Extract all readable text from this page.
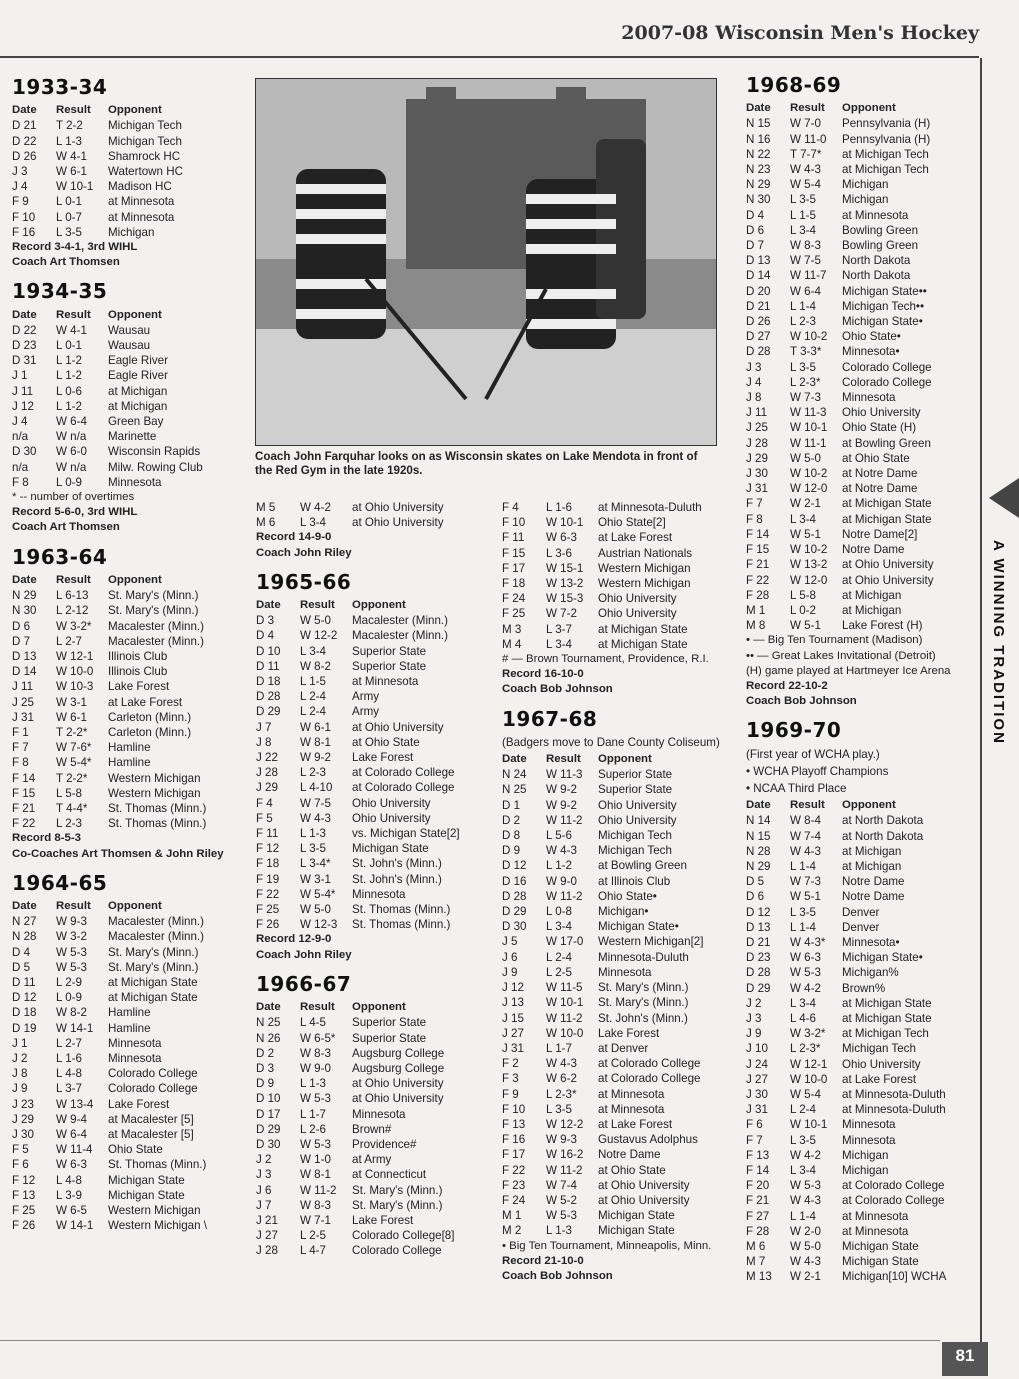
2007-08 Wisconsin Men's Hockey
1933-34
Date	Result	Opponent
D 21	T 2-2	Michigan Tech
D 22	L 1-3	Michigan Tech
D 26	W 4-1	Shamrock HC
J 3	W 6-1	Watertown HC
J 4	W 10-1	Madison HC
F 9	L 0-1	at Minnesota
F 10	L 0-7	at Minnesota
F 16	L 3-5	Michigan
Record 3-4-1, 3rd WIHL
Coach Art Thomsen
1934-35
Date	Result	Opponent
D 22	W 4-1	Wausau
D 23	L 0-1	Wausau
D 31	L 1-2	Eagle River
J 1	L 1-2	Eagle River
J 11	L 0-6	at Michigan
J 12	L 1-2	at Michigan
J 4	W 6-4	Green Bay
n/a	W n/a	Marinette
D 30	W 6-0	Wisconsin Rapids
n/a	W n/a	Milw. Rowing Club
F 8	L 0-9	Minnesota
* -- number of overtimes
Record 5-6-0, 3rd WIHL
Coach Art Thomsen
1963-64
Date	Result	Opponent
N 29	L 6-13	St. Mary's (Minn.)
N 30	L 2-12	St. Mary's (Minn.)
D 6	W 3-2*	Macalester (Minn.)
D 7	L 2-7	Macalester (Minn.)
D 13	W 12-1	Illinois Club
D 14	W 10-0	Illinois Club
J 11	W 10-3	Lake Forest
J 25	W 3-1	at Lake Forest
J 31	W 6-1	Carleton (Minn.)
F 1	T 2-2*	Carleton (Minn.)
F 7	W 7-6*	Hamline
F 8	W 5-4*	Hamline
F 14	T 2-2*	Western Michigan
F 15	L 5-8	Western Michigan
F 21	T 4-4*	St. Thomas (Minn.)
F 22	L 2-3	St. Thomas (Minn.)
Record 8-5-3
Co-Coaches Art Thomsen & John Riley
1964-65
Date	Result	Opponent
N 27	W 9-3	Macalester (Minn.)
N 28	W 3-2	Macalester (Minn.)
D 4	W 5-3	St. Mary's (Minn.)
D 5	W 5-3	St. Mary's (Minn.)
D 11	L 2-9	at Michigan State
D 12	L 0-9	at Michigan State
D 18	W 8-2	Hamline
D 19	W 14-1	Hamline
J 1	L 2-7	Minnesota
J 2	L 1-6	Minnesota
J 8	L 4-8	Colorado College
J 9	L 3-7	Colorado College
J 23	W 13-4	Lake Forest
J 29	W 9-4	at Macalester [5]
J 30	W 6-4	at Macalester [5]
F 5	W 11-4	Ohio State
F 6	W 6-3	St. Thomas (Minn.)
F 12	L 4-8	Michigan State
F 13	L 3-9	Michigan State
F 25	W 6-5	Western Michigan
F 26	W 14-1	Western Michigan \
M 5	W 4-2	at Ohio University
M 6	L 3-4	at Ohio University
Record 14-9-0
Coach John Riley
1965-66
Date	Result	Opponent
D 3	W 5-0	Macalester (Minn.)
D 4	W 12-2	Macalester (Minn.)
D 10	L 3-4	Superior State
D 11	W 8-2	Superior State
D 18	L 1-5	at Minnesota
D 28	L 2-4	Army
D 29	L 2-4	Army
J 7	W 6-1	at Ohio University
J 8	W 8-1	at Ohio State
J 22	W 9-2	Lake Forest
J 28	L 2-3	at Colorado College
J 29	L 4-10	at Colorado College
F 4	W 7-5	Ohio University
F 5	W 4-3	Ohio University
F 11	L 1-3	vs. Michigan State[2]
F 12	L 3-5	Michigan State
F 18	L 3-4*	St. John's (Minn.)
F 19	W 3-1	St. John's (Minn.)
F 22	W 5-4*	Minnesota
F 25	W 5-0	St. Thomas (Minn.)
F 26	W 12-3	St. Thomas (Minn.)
Record 12-9-0
Coach John Riley
1966-67
Date	Result	Opponent
N 25	L 4-5	Superior State
N 26	W 6-5*	Superior State
D 2	W 8-3	Augsburg College
D 3	W 9-0	Augsburg College
D 9	L 1-3	at Ohio University
D 10	W 5-3	at Ohio University
D 17	L 1-7	Minnesota
D 29	L 2-6	Brown#
D 30	W 5-3	Providence#
J 2	W 1-0	at Army
J 3	W 8-1	at Connecticut
J 6	W 11-2	St. Mary's (Minn.)
J 7	W 8-3	St. Mary's (Minn.)
J 21	W 7-1	Lake Forest
J 27	L 2-5	Colorado College[8]
J 28	L 4-7	Colorado College
F 4	L 1-6	at Minnesota-Duluth
F 10	W 10-1	Ohio State[2]
F 11	W 6-3	at Lake Forest
F 15	L 3-6	Austrian Nationals
F 17	W 15-1	Western Michigan
F 18	W 13-2	Western Michigan
F 24	W 15-3	Ohio University
F 25	W 7-2	Ohio University
M 3	L 3-7	at Michigan State
M 4	L 3-4	at Michigan State
# — Brown Tournament, Providence, R.I.
Record 16-10-0
Coach Bob Johnson
1967-68
(Badgers move to Dane County Coliseum)
Date	Result	Opponent
N 24	W 11-3	Superior State
N 25	W 9-2	Superior State
D 1	W 9-2	Ohio University
D 2	W 11-2	Ohio University
D 8	L 5-6	Michigan Tech
D 9	W 4-3	Michigan Tech
D 12	L 1-2	at Bowling Green
D 16	W 9-0	at Illinois Club
D 28	W 11-2	Ohio State•
D 29	L 0-8	Michigan•
D 30	L 3-4	Michigan State•
J 5	W 17-0	Western Michigan[2]
J 6	L 2-4	Minnesota-Duluth
J 9	L 2-5	Minnesota
J 12	W 11-5	St. Mary's (Minn.)
J 13	W 10-1	St. Mary's (Minn.)
J 15	W 11-2	St. John's (Minn.)
J 27	W 10-0	Lake Forest
J 31	L 1-7	at Denver
F 2	W 4-3	at Colorado College
F 3	W 6-2	at Colorado College
F 9	L 2-3*	at Minnesota
F 10	L 3-5	at Minnesota
F 13	W 12-2	at Lake Forest
F 16	W 9-3	Gustavus Adolphus
F 17	W 16-2	Notre Dame
F 22	W 11-2	at Ohio State
F 23	W 7-4	at Ohio University
F 24	W 5-2	at Ohio University
M 1	W 5-3	Michigan State
M 2	L 1-3	Michigan State
• Big Ten Tournament, Minneapolis, Minn.
Record 21-10-0
Coach Bob Johnson
1968-69
Date	Result	Opponent
N 15	W 7-0	Pennsylvania (H)
N 16	W 11-0	Pennsylvania (H)
N 22	T 7-7*	at Michigan Tech
N 23	W 4-3	at Michigan Tech
N 29	W 5-4	Michigan
N 30	L 3-5	Michigan
D 4	L 1-5	at Minnesota
D 6	L 3-4	Bowling Green
D 7	W 8-3	Bowling Green
D 13	W 7-5	North Dakota
D 14	W 11-7	North Dakota
D 20	W 6-4	Michigan State••
D 21	L 1-4	Michigan Tech••
D 26	L 2-3	Michigan State•
D 27	W 10-2	Ohio State•
D 28	T 3-3*	Minnesota•
J 3	L 3-5	Colorado College
J 4	L 2-3*	Colorado College
J 8	W 7-3	Minnesota
J 11	W 11-3	Ohio University
J 25	W 10-1	Ohio State (H)
J 28	W 11-1	at Bowling Green
J 29	W 5-0	at Ohio State
J 30	W 10-2	at Notre Dame
J 31	W 12-0	at Notre Dame
F 7	W 2-1	at Michigan State
F 8	L 3-4	at Michigan State
F 14	W 5-1	Notre Dame[2]
F 15	W 10-2	Notre Dame
F 21	W 13-2	at Ohio University
F 22	W 12-0	at Ohio University
F 28	L 5-8	at Michigan
M 1	L 0-2	at Michigan
M 8	W 5-1	Lake Forest (H)
• — Big Ten Tournament (Madison)
•• — Great Lakes Invitational (Detroit)
(H) game played at Hartmeyer Ice Arena
Record 22-10-2
Coach Bob Johnson
1969-70
(First year of WCHA play.)
• WCHA Playoff Champions
• NCAA Third Place
Date	Result	Opponent
N 14	W 8-4	at North Dakota
N 15	W 7-4	at North Dakota
N 28	W 4-3	at Michigan
N 29	L 1-4	at Michigan
D 5	W 7-3	Notre Dame
D 6	W 5-1	Notre Dame
D 12	L 3-5	Denver
D 13	L 1-4	Denver
D 21	W 4-3*	Minnesota•
D 23	W 6-3	Michigan State•
D 28	W 5-3	Michigan%
D 29	W 4-2	Brown%
J 2	L 3-4	at Michigan State
J 3	L 4-6	at Michigan State
J 9	W 3-2*	at Michigan Tech
J 10	L 2-3*	Michigan Tech
J 24	W 12-1	Ohio University
J 27	W 10-0	at Lake Forest
J 30	W 5-4	at Minnesota-Duluth
J 31	L 2-4	at Minnesota-Duluth
F 6	W 10-1	Minnesota
F 7	L 3-5	Minnesota
F 13	W 4-2	Michigan
F 14	L 3-4	Michigan
F 20	W 5-3	at Colorado College
F 21	W 4-3	at Colorado College
F 27	L 1-4	at Minnesota
F 28	W 2-0	at Minnesota
M 6	W 5-0	Michigan State
M 7	W 4-3	Michigan State
M 13	W 2-1	Michigan[10] WCHA
Coach John Farquhar looks on as Wisconsin skates on Lake Mendota in front of the Red Gym in the late 1920s.
A WINNING TRADITION
81
